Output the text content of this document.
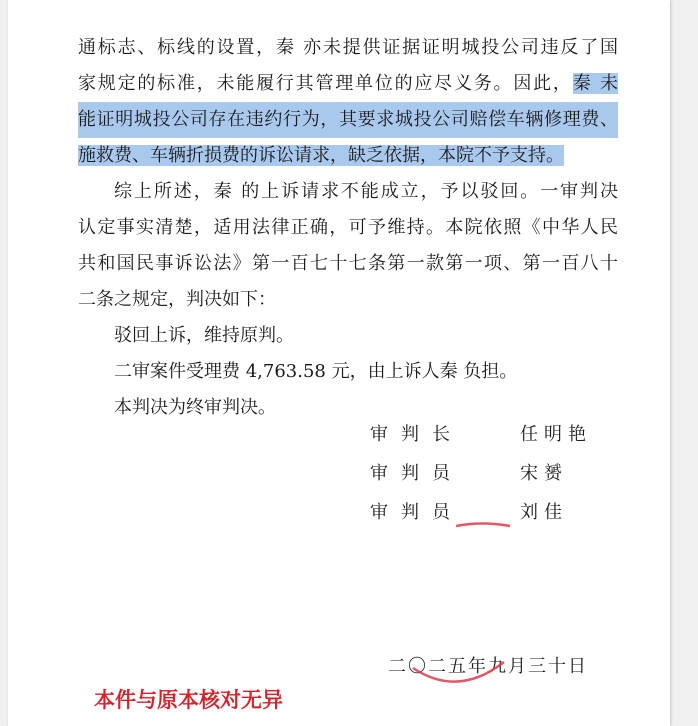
通标志、标线的设置，秦 亦未提供证据证明城投公司违反了国
家规定的标准，未能履行其管理单位的应尽义务。因此，秦 未
能证明城投公司存在违约行为，其要求城投公司赔偿车辆修理费、
施救费、车辆折损费的诉讼请求，缺乏依据，本院不予支持。
综上所述，秦 的上诉请求不能成立，予以驳回。一审判决
认定事实清楚，适用法律正确，可予维持。本院依照《中华人民
共和国民事诉讼法》第一百七十七条第一款第一项、第一百八十
二条之规定，判决如下：
驳回上诉，维持原判。
二审案件受理费 4,763.58 元，由上诉人秦 负担。
本判决为终审判决。
审判长	任明艳
审判员	宋赟
审判员	刘佳
二〇二五年九月三十日
本件与原本核对无异
